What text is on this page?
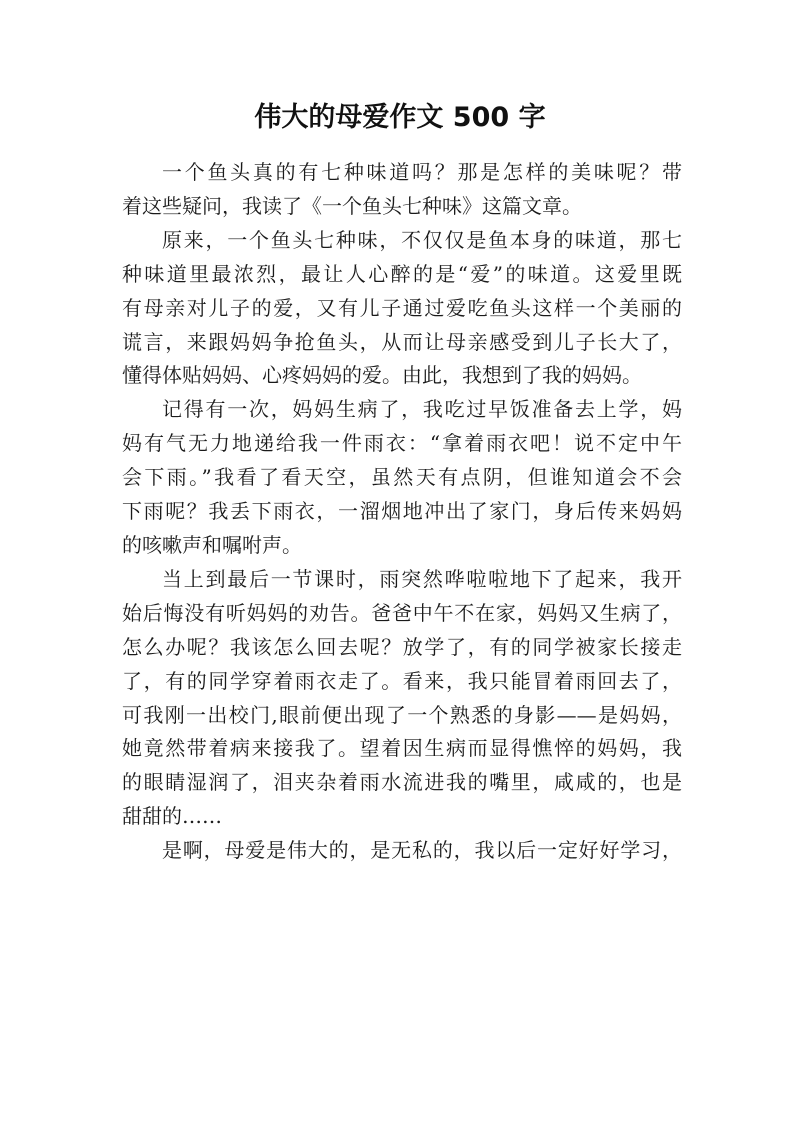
伟大的母爱作文 500 字

一个鱼头真的有七种味道吗？那是怎样的美味呢？带
着这些疑问，我读了《一个鱼头七种味》这篇文章。

原来，一个鱼头七种味，不仅仅是鱼本身的味道，那七
种味道里最浓烈，最让人心醉的是“爱”的味道。这爱里既
有母亲对儿子的爱，又有儿子通过爱吃鱼头这样一个美丽的
谎言，来跟妈妈争抢鱼头，从而让母亲感受到儿子长大了，
懂得体贴妈妈、心疼妈妈的爱。由此，我想到了我的妈妈。

记得有一次，妈妈生病了，我吃过早饭准备去上学，妈
妈有气无力地递给我一件雨衣：“拿着雨衣吧！说不定中午
会下雨。”我看了看天空，虽然天有点阴，但谁知道会不会
下雨呢？我丢下雨衣，一溜烟地冲出了家门，身后传来妈妈
的咳嗽声和嘱咐声。

当上到最后一节课时，雨突然哗啦啦地下了起来，我开
始后悔没有听妈妈的劝告。爸爸中午不在家，妈妈又生病了，
怎么办呢？我该怎么回去呢？放学了，有的同学被家长接走
了，有的同学穿着雨衣走了。看来，我只能冒着雨回去了，
可我刚一出校门,眼前便出现了一个熟悉的身影——是妈妈，
她竟然带着病来接我了。望着因生病而显得憔悴的妈妈，我
的眼睛湿润了，泪夹杂着雨水流进我的嘴里，咸咸的，也是
甜甜的……

是啊，母爱是伟大的，是无私的，我以后一定好好学习，
